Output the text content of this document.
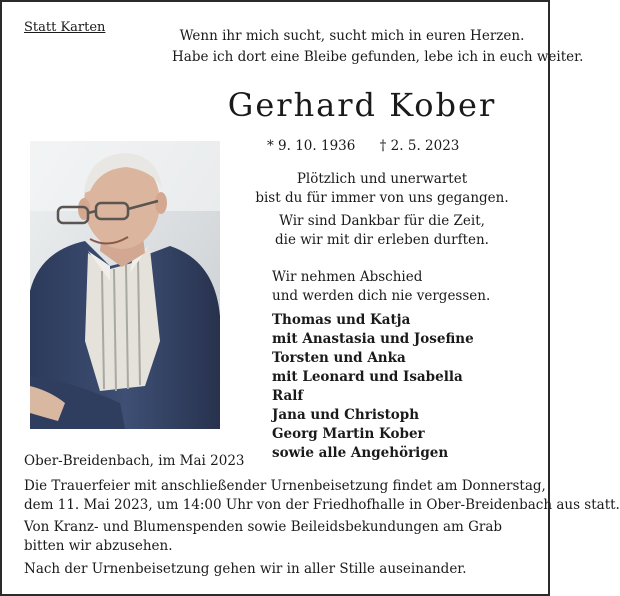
Statt Karten
Wenn ihr mich sucht, sucht mich in euren Herzen.
Habe ich dort eine Bleibe gefunden, lebe ich in euch weiter.
Gerhard Kober
* 9. 10. 1936 † 2. 5. 2023
Plötzlich und unerwartet
bist du für immer von uns gegangen.
Wir sind Dankbar für die Zeit,
die wir mit dir erleben durften.
Wir nehmen Abschied
und werden dich nie vergessen.
Thomas und Katja
mit Anastasia und Josefine
Torsten und Anka
mit Leonard und Isabella
Ralf
Jana und Christoph
Georg Martin Kober
sowie alle Angehörigen
Ober-Breidenbach, im Mai 2023
Die Trauerfeier mit anschließender Urnenbeisetzung findet am Donnerstag,
dem 11. Mai 2023, um 14:00 Uhr von der Friedhofhalle in Ober-Breidenbach aus statt.
Von Kranz- und Blumenspenden sowie Beileidsbekundungen am Grab
bitten wir abzusehen.
Nach der Urnenbeisetzung gehen wir in aller Stille auseinander.
